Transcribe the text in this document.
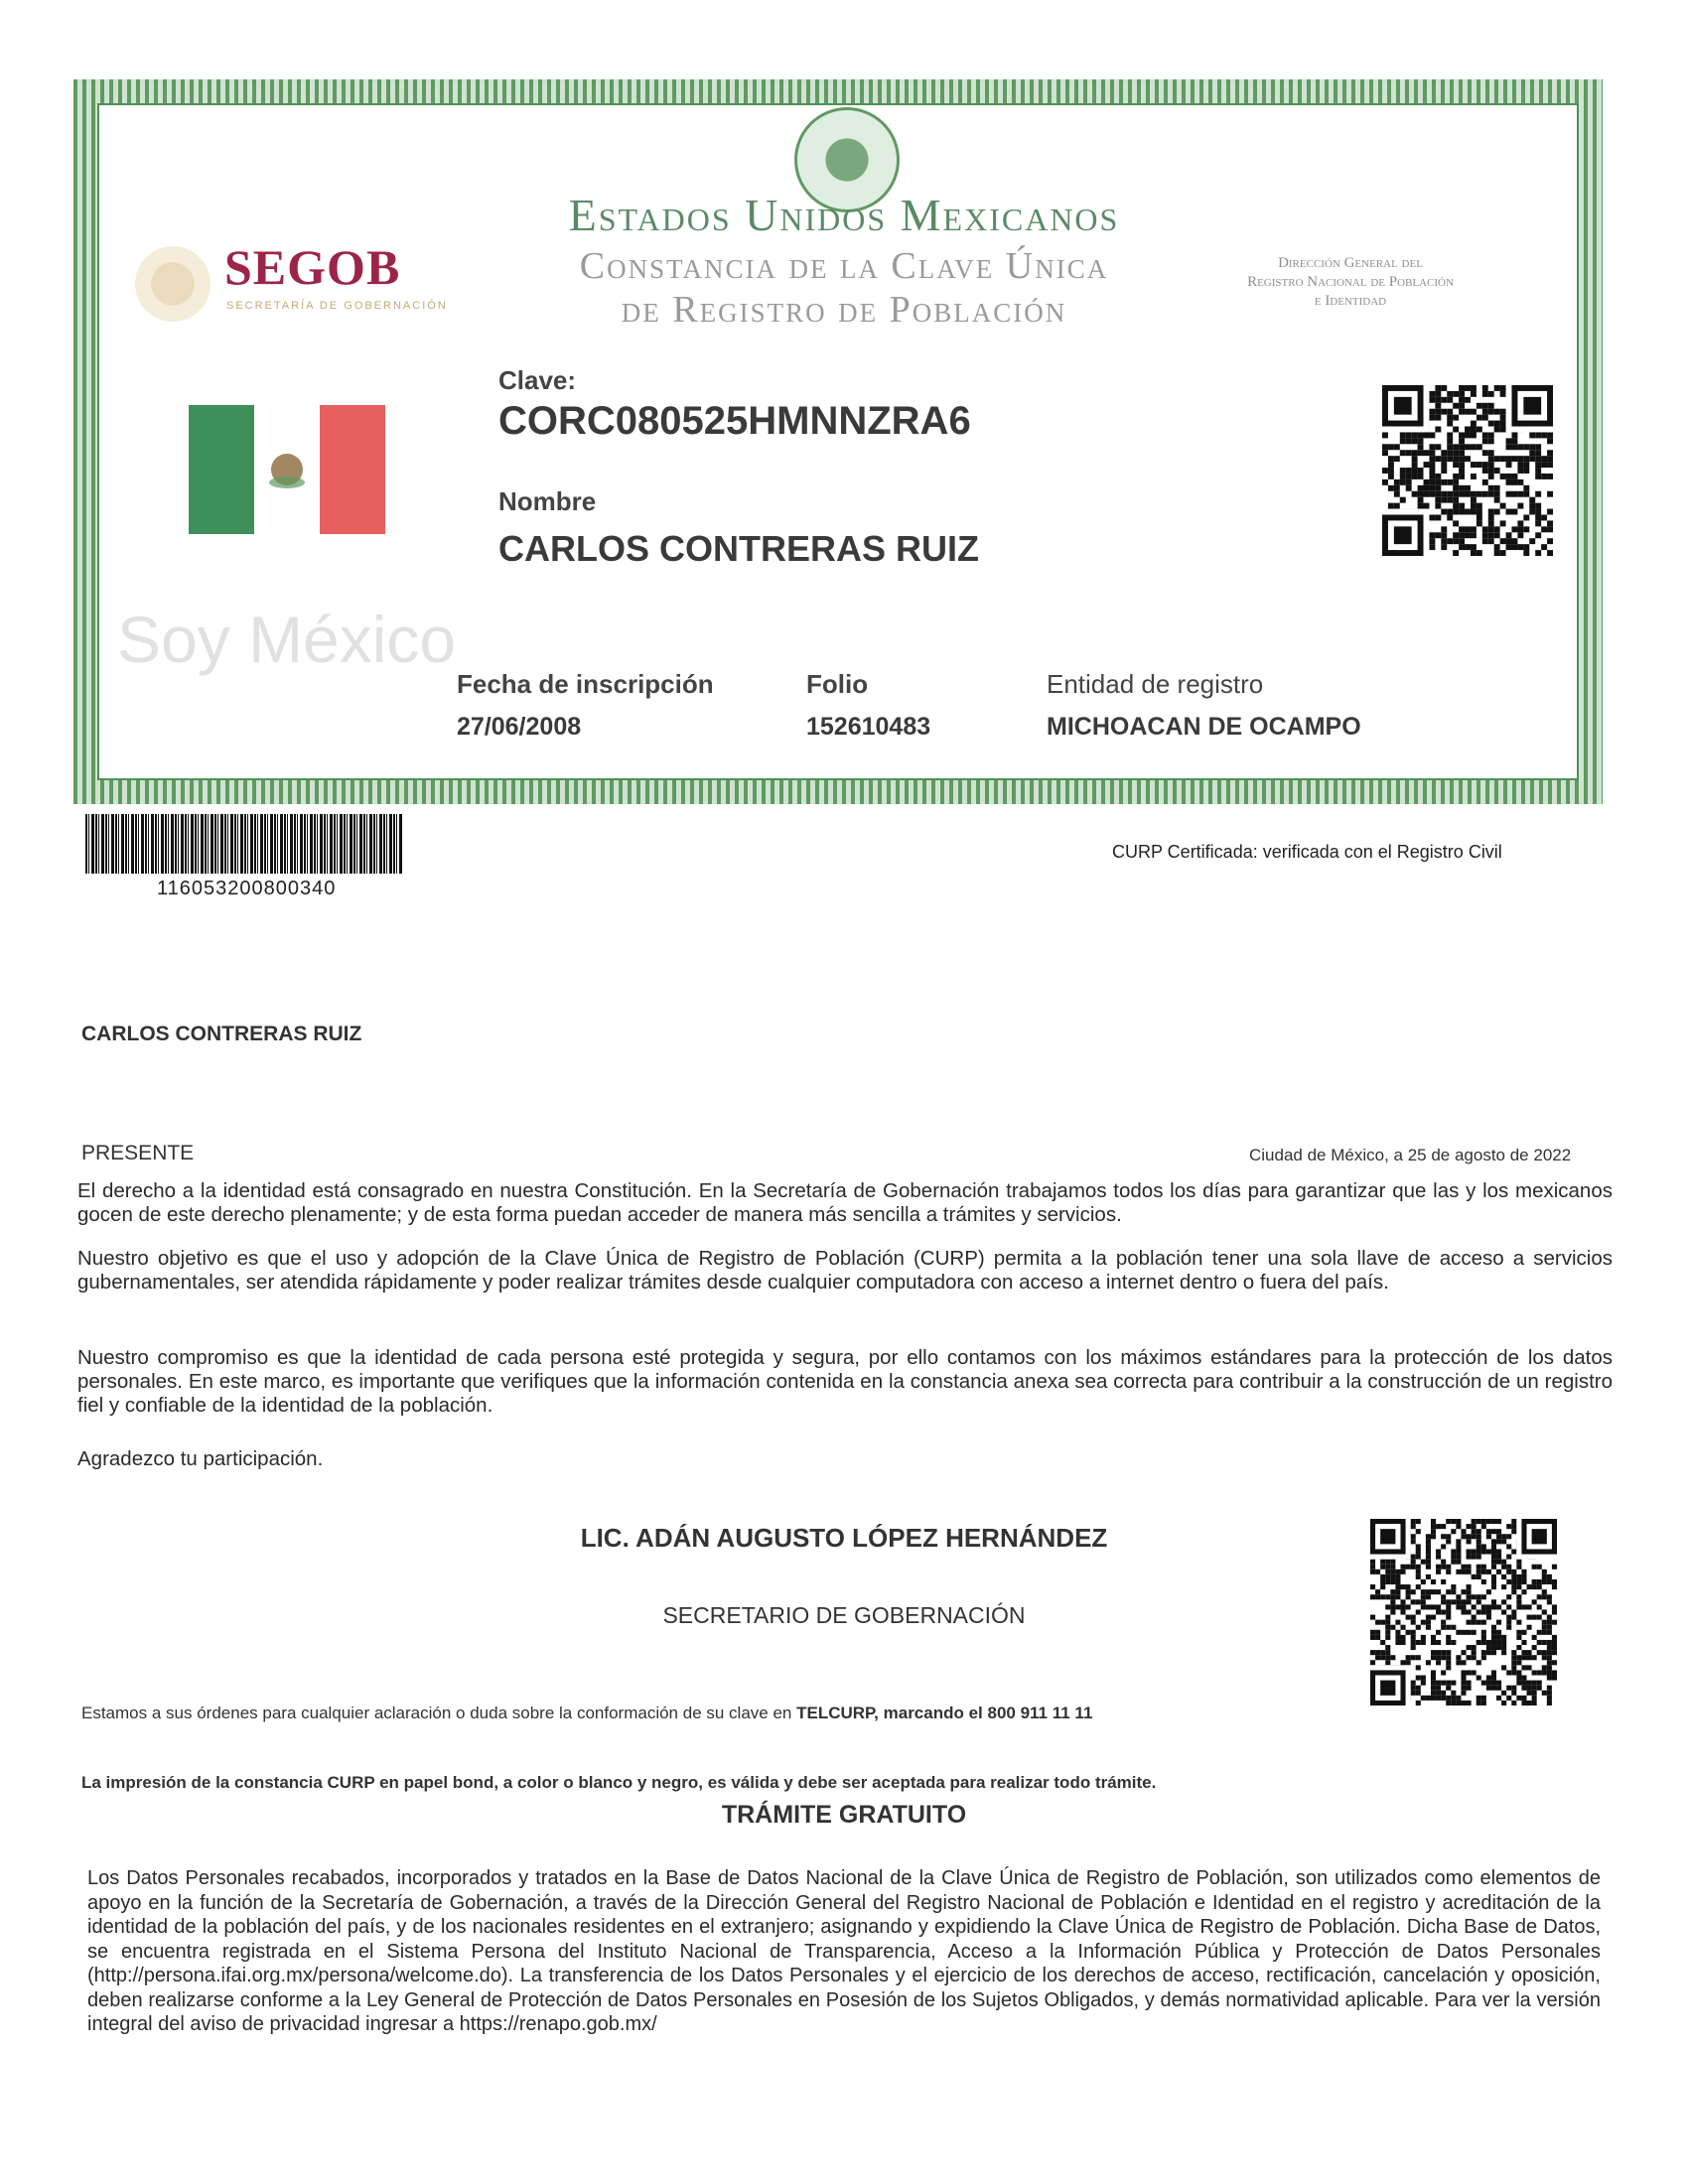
SEGOB
SECRETARÍA DE GOBERNACIÓN
Estados Unidos Mexicanos
Constancia de la Clave Única
de Registro de Población
Dirección General del
Registro Nacional de Población
e Identidad
Soy México
Clave:
CORC080525HMNNZRA6
Nombre
CARLOS CONTRERAS RUIZ
Fecha de inscripción
27/06/2008
Folio
152610483
Entidad de registro
MICHOACAN DE OCAMPO
116053200800340
CURP Certificada: verificada con el Registro Civil
CARLOS CONTRERAS RUIZ
PRESENTE	Ciudad de México, a 25 de agosto de 2022
El derecho a la identidad está consagrado en nuestra Constitución. En la Secretaría de Gobernación trabajamos todos los días para garantizar que las y los mexicanos gocen de este derecho plenamente; y de esta forma puedan acceder de manera más sencilla a trámites y servicios.
Nuestro objetivo es que el uso y adopción de la Clave Única de Registro de Población (CURP) permita a la población tener una sola llave de acceso a servicios gubernamentales, ser atendida rápidamente y poder realizar trámites desde cualquier computadora con acceso a internet dentro o fuera del país.
Nuestro compromiso es que la identidad de cada persona esté protegida y segura, por ello contamos con los máximos estándares para la protección de los datos personales. En este marco, es importante que verifiques que la información contenida en la constancia anexa sea correcta para contribuir a la construcción de un registro fiel y confiable de la identidad de la población.
Agradezco tu participación.
LIC. ADÁN AUGUSTO LÓPEZ HERNÁNDEZ
SECRETARIO DE GOBERNACIÓN
Estamos a sus órdenes para cualquier aclaración o duda sobre la conformación de su clave en TELCURP, marcando el 800 911 11 11
La impresión de la constancia CURP en papel bond, a color o blanco y negro, es válida y debe ser aceptada para realizar todo trámite.
TRÁMITE GRATUITO
Los Datos Personales recabados, incorporados y tratados en la Base de Datos Nacional de la Clave Única de Registro de Población, son utilizados como elementos de apoyo en la función de la Secretaría de Gobernación, a través de la Dirección General del Registro Nacional de Población e Identidad en el registro y acreditación de la identidad de la población del país, y de los nacionales residentes en el extranjero; asignando y expidiendo la Clave Única de Registro de Población. Dicha Base de Datos, se encuentra registrada en el Sistema Persona del Instituto Nacional de Transparencia, Acceso a la Información Pública y Protección de Datos Personales (http://persona.ifai.org.mx/persona/welcome.do). La transferencia de los Datos Personales y el ejercicio de los derechos de acceso, rectificación, cancelación y oposición, deben realizarse conforme a la Ley General de Protección de Datos Personales en Posesión de los Sujetos Obligados, y demás normatividad aplicable. Para ver la versión integral del aviso de privacidad ingresar a https://renapo.gob.mx/
